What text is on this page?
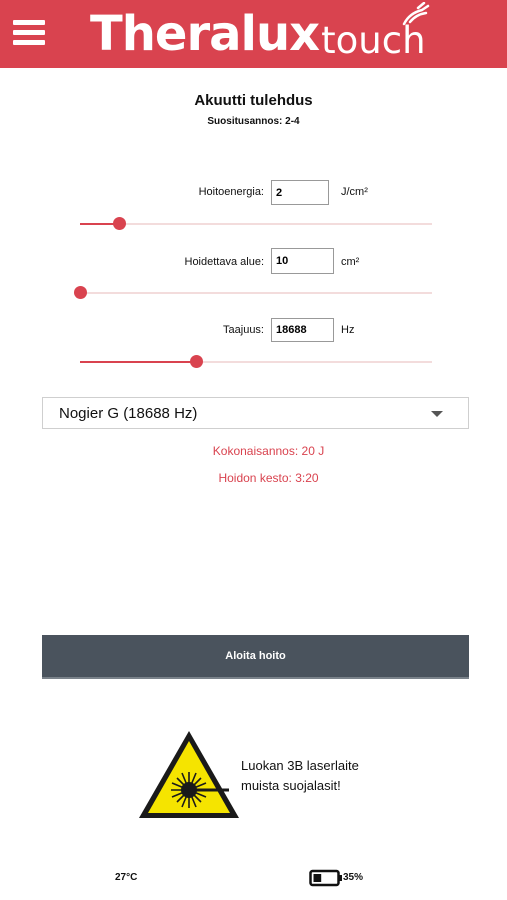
Theraluxtouch
Akuutti tulehdus
Suositusannos: 2-4
Hoitoenergia:
2	J/cm²
Hoidettava alue:
10	cm²
Taajuus:
18688	Hz
Nogier G (18688 Hz)
Kokonaisannos: 20 J
Hoidon kesto: 3:20
Aloita hoito
Luokan 3B laserlaite
muista suojalasit!
27°C	35%
